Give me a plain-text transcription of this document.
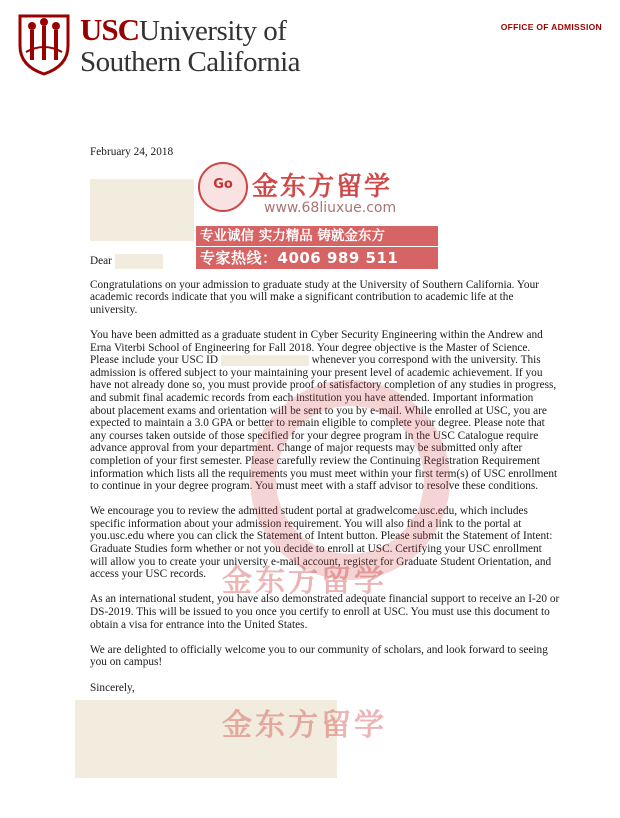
USCUniversity of
Southern California
OFFICE OF ADMISSION

February 24, 2018

Dear

Congratulations on your admission to graduate study at the University of Southern California. Your academic records indicate that you will make a significant contribution to academic life at the university.

You have been admitted as a graduate student in Cyber Security Engineering within the Andrew and Erna Viterbi School of Engineering for Fall 2018. Your degree objective is the Master of Science. Please include your USC ID	whenever you correspond with the university. This admission is offered subject to your maintaining your present level of academic achievement. If you have not already done so, you must provide proof of satisfactory completion of any studies in progress, and submit final academic records from each institution you have attended. Important information about placement exams and orientation will be sent to you by e-mail. While enrolled at USC, you are expected to maintain a 3.0 GPA or better to remain eligible to complete your degree. Please note that any courses taken outside of those specified for your degree program in the USC Catalogue require advance approval from your department. Change of major requests may be submitted only after completion of your first semester. Please carefully review the Continuing Registration Requirement information which lists all the requirements you must meet within your first term(s) of USC enrollment to continue in your degree program. You must meet with a staff advisor to resolve these conditions.

We encourage you to review the admitted student portal at gradwelcome.usc.edu, which includes specific information about your admission requirement. You will also find a link to the portal at you.usc.edu where you can click the Statement of Intent button. Please submit the Statement of Intent: Graduate Studies form whether or not you decide to enroll at USC. Certifying your USC enrollment will allow you to create your university e-mail account, register for Graduate Student Orientation, and access your USC records.

As an international student, you have also demonstrated adequate financial support to receive an I-20 or DS-2019. This will be issued to you once you certify to enroll at USC. You must use this document to obtain a visa for entrance into the United States.

We are delighted to officially welcome you to our community of scholars, and look forward to seeing you on campus!

Sincerely,

Go 金东方留学
www.68liuxue.com
专业诚信 实力精品 铸就金东方
专家热线：4006 989 511
金东方留学
金东方留学
